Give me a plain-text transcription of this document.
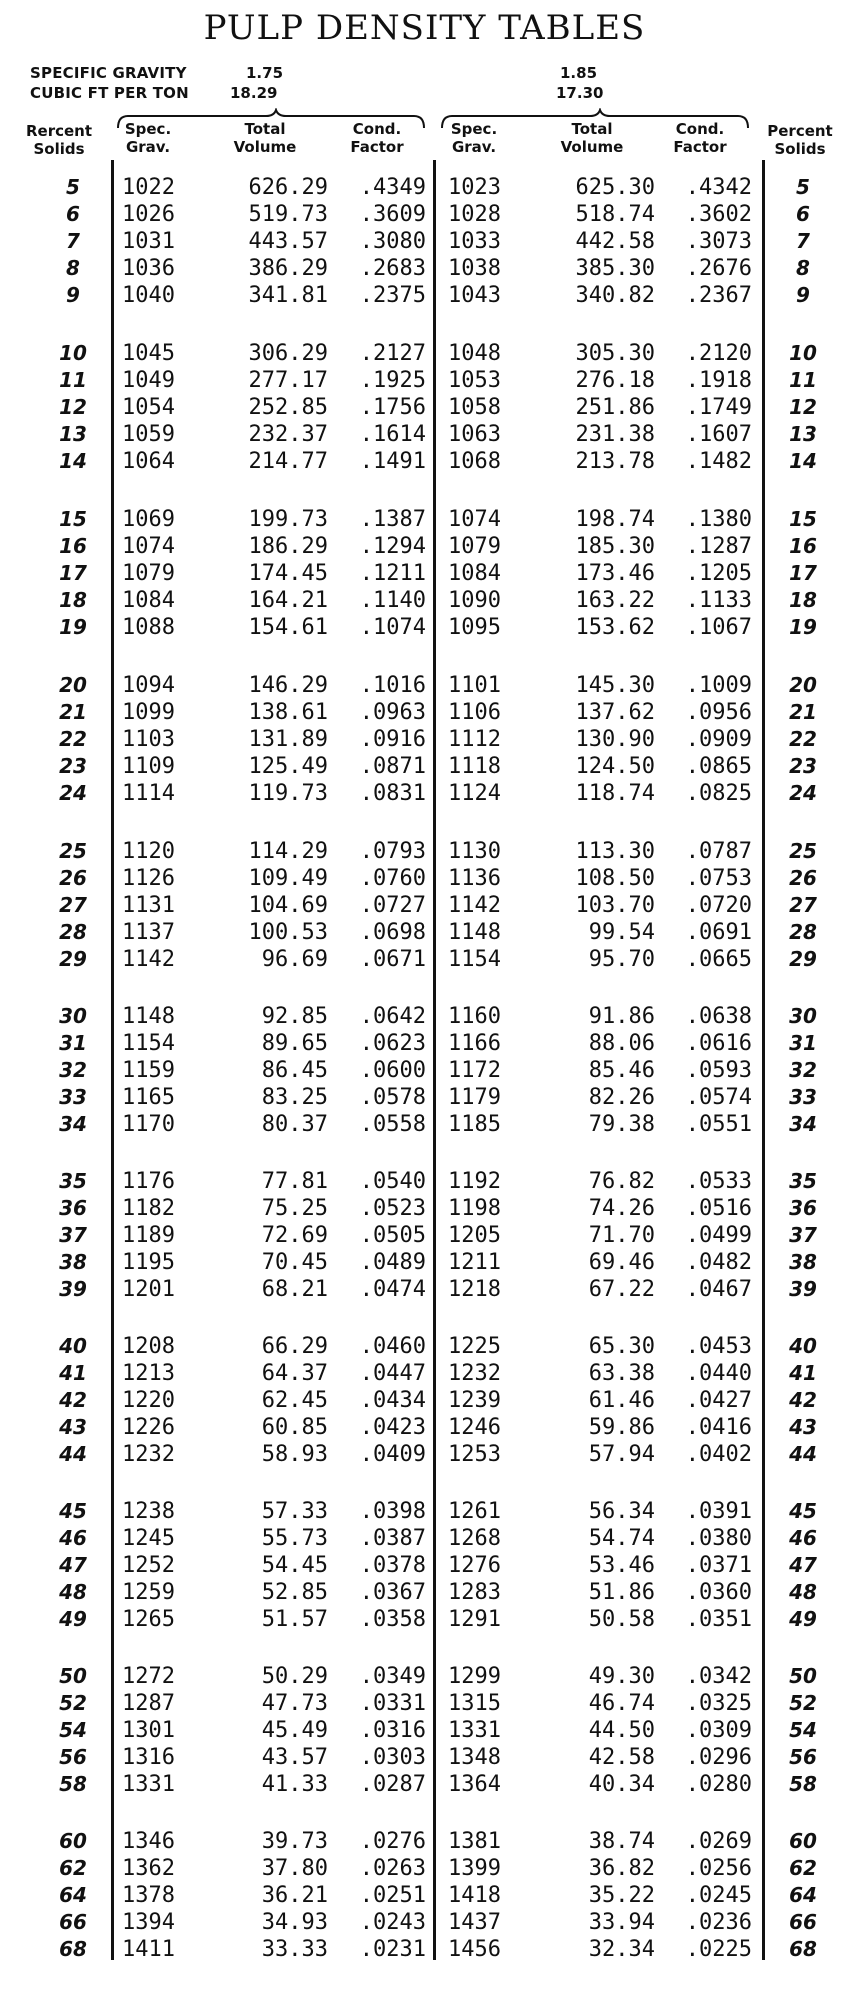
PULP DENSITY TABLES
SPECIFIC GRAVITY
CUBIC FT PER TON
1.75
18.29
1.85
17.30
Rercent
Solids
Spec.
Grav.
Total
Volume
Cond.
Factor
Spec.
Grav.
Total
Volume
Cond.
Factor
Percent
Solids
5	1022	626.29	.4349 1023	625.30	.4342	5
6	1026	519.73	.3609 1028	518.74	.3602	6
7	1031	443.57	.3080 1033	442.58	.3073	7
8	1036	386.29	.2683 1038	385.30	.2676	8
9	1040	341.81	.2375 1043	340.82	.2367	9
10	1045	306.29	.2127 1048	305.30	.2120	10
11	1049	277.17	.1925 1053	276.18	.1918	11
12	1054	252.85	.1756 1058	251.86	.1749	12
13	1059	232.37	.1614 1063	231.38	.1607	13
14	1064	214.77	.1491 1068	213.78	.1482	14
15	1069	199.73	.1387 1074	198.74	.1380	15
16	1074	186.29	.1294 1079	185.30	.1287	16
17	1079	174.45	.1211 1084	173.46	.1205	17
18	1084	164.21	.1140 1090	163.22	.1133	18
19	1088	154.61	.1074 1095	153.62	.1067	19
20	1094	146.29	.1016 1101	145.30	.1009	20
21	1099	138.61	.0963 1106	137.62	.0956	21
22	1103	131.89	.0916 1112	130.90	.0909	22
23	1109	125.49	.0871 1118	124.50	.0865	23
24	1114	119.73	.0831 1124	118.74	.0825	24
25	1120	114.29	.0793 1130	113.30	.0787	25
26	1126	109.49	.0760 1136	108.50	.0753	26
27	1131	104.69	.0727 1142	103.70	.0720	27
28	1137	100.53	.0698 1148	99.54	.0691	28
29	1142	96.69	.0671 1154	95.70	.0665	29
30	1148	92.85	.0642 1160	91.86	.0638	30
31	1154	89.65	.0623 1166	88.06	.0616	31
32	1159	86.45	.0600 1172	85.46	.0593	32
33	1165	83.25	.0578 1179	82.26	.0574	33
34	1170	80.37	.0558 1185	79.38	.0551	34
35	1176	77.81	.0540 1192	76.82	.0533	35
36	1182	75.25	.0523 1198	74.26	.0516	36
37	1189	72.69	.0505 1205	71.70	.0499	37
38	1195	70.45	.0489 1211	69.46	.0482	38
39	1201	68.21	.0474 1218	67.22	.0467	39
40	1208	66.29	.0460 1225	65.30	.0453	40
41	1213	64.37	.0447 1232	63.38	.0440	41
42	1220	62.45	.0434 1239	61.46	.0427	42
43	1226	60.85	.0423 1246	59.86	.0416	43
44	1232	58.93	.0409 1253	57.94	.0402	44
45	1238	57.33	.0398 1261	56.34	.0391	45
46	1245	55.73	.0387 1268	54.74	.0380	46
47	1252	54.45	.0378 1276	53.46	.0371	47
48	1259	52.85	.0367 1283	51.86	.0360	48
49	1265	51.57	.0358 1291	50.58	.0351	49
50	1272	50.29	.0349 1299	49.30	.0342	50
52	1287	47.73	.0331 1315	46.74	.0325	52
54	1301	45.49	.0316 1331	44.50	.0309	54
56	1316	43.57	.0303 1348	42.58	.0296	56
58	1331	41.33	.0287 1364	40.34	.0280	58
60	1346	39.73	.0276 1381	38.74	.0269	60
62	1362	37.80	.0263 1399	36.82	.0256	62
64	1378	36.21	.0251 1418	35.22	.0245	64
66	1394	34.93	.0243 1437	33.94	.0236	66
68	1411	33.33	.0231 1456	32.34	.0225	68
